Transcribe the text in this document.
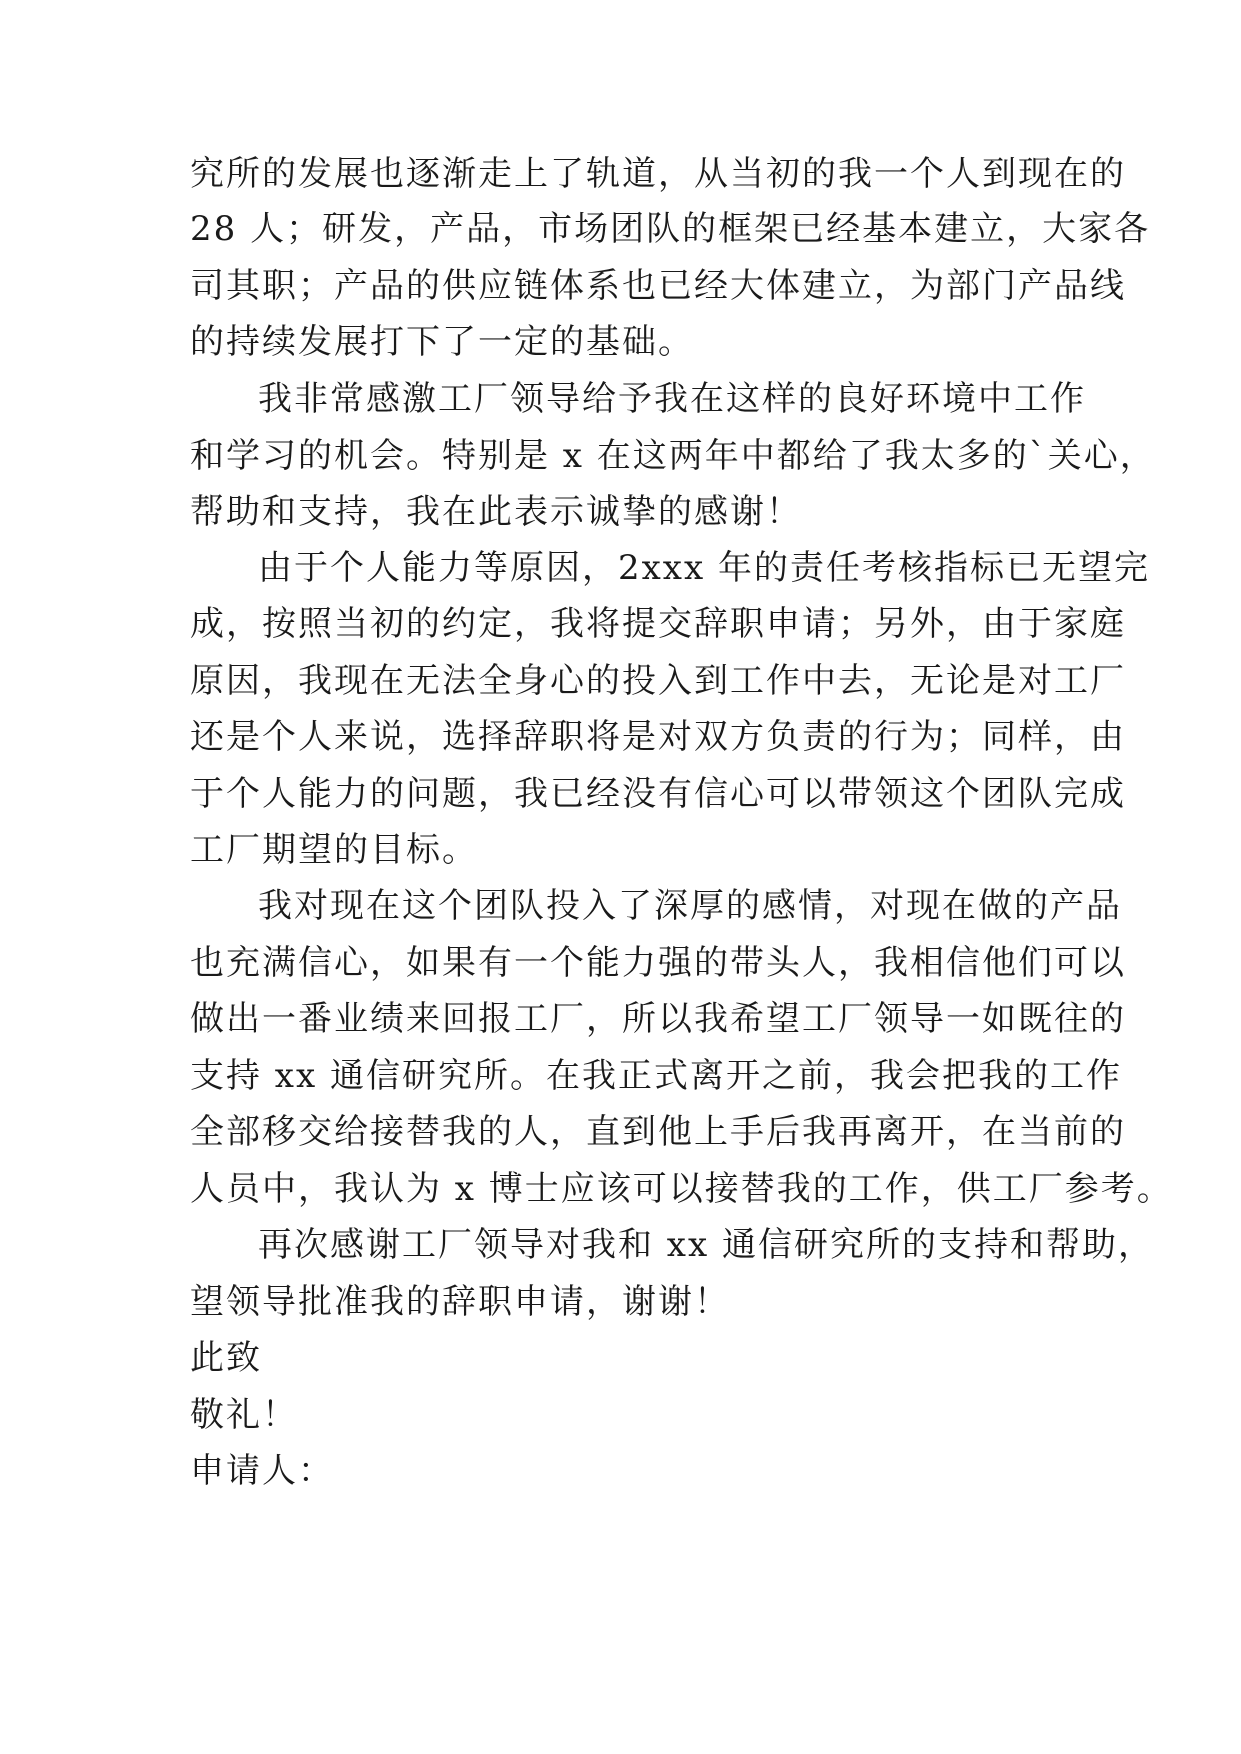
究所的发展也逐渐走上了轨道，从当初的我一个人到现在的
28 人；研发，产品，市场团队的框架已经基本建立，大家各
司其职；产品的供应链体系也已经大体建立，为部门产品线
的持续发展打下了一定的基础。
我非常感激工厂领导给予我在这样的良好环境中工作
和学习的机会。特别是 x 在这两年中都给了我太多的`关心，
帮助和支持，我在此表示诚挚的感谢！
由于个人能力等原因，2xxx 年的责任考核指标已无望完
成，按照当初的约定，我将提交辞职申请；另外，由于家庭
原因，我现在无法全身心的投入到工作中去，无论是对工厂
还是个人来说，选择辞职将是对双方负责的行为；同样，由
于个人能力的问题，我已经没有信心可以带领这个团队完成
工厂期望的目标。
我对现在这个团队投入了深厚的感情，对现在做的产品
也充满信心，如果有一个能力强的带头人，我相信他们可以
做出一番业绩来回报工厂，所以我希望工厂领导一如既往的
支持 xx 通信研究所。在我正式离开之前，我会把我的工作
全部移交给接替我的人，直到他上手后我再离开，在当前的
人员中，我认为 x 博士应该可以接替我的工作，供工厂参考。
再次感谢工厂领导对我和 xx 通信研究所的支持和帮助，
望领导批准我的辞职申请，谢谢！
此致
敬礼！
申请人：
